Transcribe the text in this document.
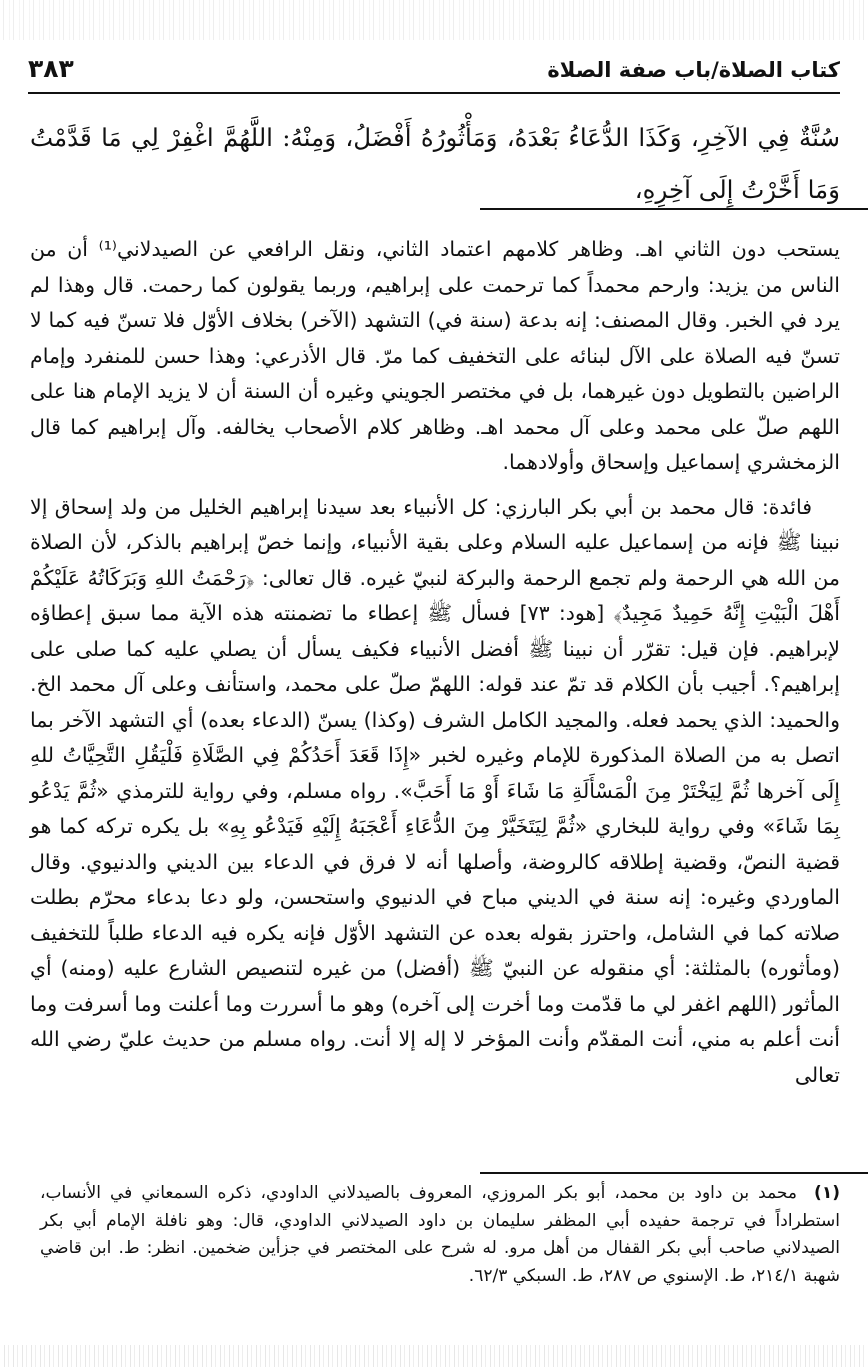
كتاب الصلاة/باب صفة الصلاة
٣٨٣
سُنَّةٌ فِي الآخِرِ، وَكَذَا الدُّعَاءُ بَعْدَهُ، وَمَأْثُورُهُ أَفْضَلُ، وَمِنْهُ: اللَّهُمَّ اغْفِرْ لِي مَا قَدَّمْتُ وَمَا أَخَّرْتُ إِلَى آخِرِهِ،

يستحب دون الثاني اهـ. وظاهر كلامهم اعتماد الثاني، ونقل الرافعي عن الصيدلاني⁽¹⁾ أن من الناس من يزيد: وارحم محمداً كما ترحمت على إبراهيم، وربما يقولون كما رحمت. قال وهذا لم يرد في الخبر. وقال المصنف: إنه بدعة (سنة في) التشهد (الآخر) بخلاف الأوّل فلا تسنّ فيه كما لا تسنّ فيه الصلاة على الآل لبنائه على التخفيف كما مرّ. قال الأذرعي: وهذا حسن للمنفرد وإمام الراضين بالتطويل دون غيرهما، بل في مختصر الجويني وغيره أن السنة أن لا يزيد الإمام هنا على اللهم صلّ على محمد وعلى آل محمد اهـ. وظاهر كلام الأصحاب يخالفه. وآل إبراهيم كما قال الزمخشري إسماعيل وإسحاق وأولادهما.

فائدة: قال محمد بن أبي بكر البارزي: كل الأنبياء بعد سيدنا إبراهيم الخليل من ولد إسحاق إلا نبينا ﷺ فإنه من إسماعيل عليه السلام وعلى بقية الأنبياء، وإنما خصّ إبراهيم بالذكر، لأن الصلاة من الله هي الرحمة ولم تجمع الرحمة والبركة لنبيّ غيره. قال تعالى: ﴿رَحْمَتُ اللهِ وَبَرَكَاتُهُ عَلَيْكُمْ أَهْلَ الْبَيْتِ إِنَّهُ حَمِيدٌ مَجِيدٌ﴾ [هود: ٧٣] فسأل ﷺ إعطاء ما تضمنته هذه الآية مما سبق إعطاؤه لإبراهيم. فإن قيل: تقرّر أن نبينا ﷺ أفضل الأنبياء فكيف يسأل أن يصلي عليه كما صلى على إبراهيم؟. أجيب بأن الكلام قد تمّ عند قوله: اللهمّ صلّ على محمد، واستأنف وعلى آل محمد الخ. والحميد: الذي يحمد فعله. والمجيد الكامل الشرف (وكذا) يسنّ (الدعاء بعده) أي التشهد الآخر بما اتصل به من الصلاة المذكورة للإمام وغيره لخبر «إِذَا قَعَدَ أَحَدُكُمْ فِي الصَّلَاةِ فَلْيَقُلِ التَّحِيَّاتُ للهِ إِلَى آخرها ثُمَّ لِيَخْتَرْ مِنَ الْمَسْأَلَةِ مَا شَاءَ أَوْ مَا أَحَبَّ». رواه مسلم، وفي رواية للترمذي «ثُمَّ يَدْعُو بِمَا شَاءَ» وفي رواية للبخاري «ثُمَّ لِيَتَخَيَّرْ مِنَ الدُّعَاءِ أَعْجَبَهُ إِلَيْهِ فَيَدْعُو بِهِ» بل يكره تركه كما هو قضية النصّ، وقضية إطلاقه كالروضة، وأصلها أنه لا فرق في الدعاء بين الديني والدنيوي. وقال الماوردي وغيره: إنه سنة في الديني مباح في الدنيوي واستحسن، ولو دعا بدعاء محرّم بطلت صلاته كما في الشامل، واحترز بقوله بعده عن التشهد الأوّل فإنه يكره فيه الدعاء طلباً للتخفيف (ومأثوره) بالمثلثة: أي منقوله عن النبيّ ﷺ (أفضل) من غيره لتنصيص الشارع عليه (ومنه) أي المأثور (اللهم اغفر لي ما قدّمت وما أخرت إلى آخره) وهو ما أسررت وما أعلنت وما أسرفت وما أنت أعلم به مني، أنت المقدّم وأنت المؤخر لا إله إلا أنت. رواه مسلم من حديث عليّ رضي الله تعالى

(١) محمد بن داود بن محمد، أبو بكر المروزي، المعروف بالصيدلاني الداودي، ذكره السمعاني في الأنساب، استطراداً في ترجمة حفيده أبي المظفر سليمان بن داود الصيدلاني الداودي، قال: وهو نافلة الإمام أبي بكر الصيدلاني صاحب أبي بكر القفال من أهل مرو. له شرح على المختصر في جزأين ضخمين. انظر: ط. ابن قاضي شهبة ٢١٤/١، ط. الإسنوي ص ٢٨٧، ط. السبكي ٦٢/٣.
